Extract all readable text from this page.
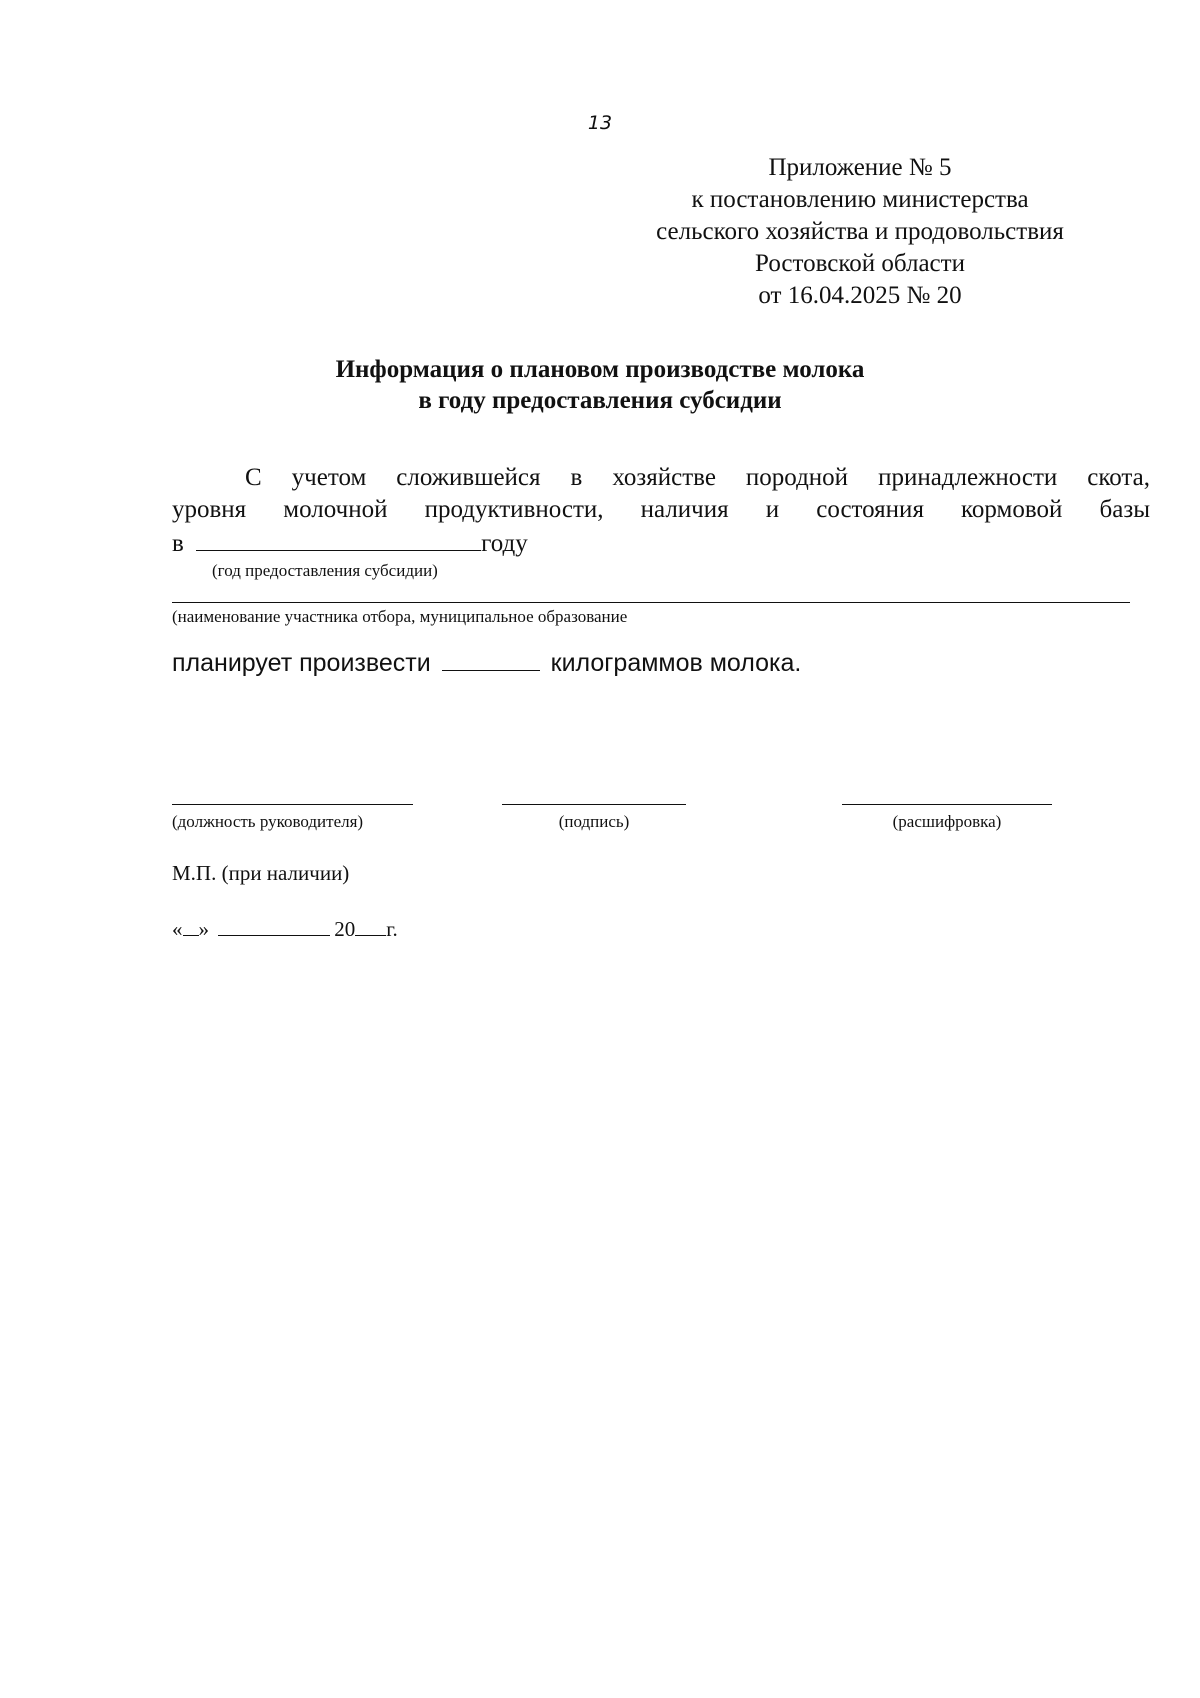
13
Приложение № 5
к постановлению министерства
сельского хозяйства и продовольствия
Ростовской области
от 16.04.2025 № 20
Информация о плановом производстве молока
в году предоставления субсидии
С учетом сложившейся в хозяйстве породной принадлежности скота,
уровня молочной продуктивности, наличия и состояния кормовой базы
в	году
(год предоставления субсидии)
(наименование участника отбора, муниципальное образование
планирует произвести	килограммов молока.
(должность руководителя)	(подпись)	(расшифровка)
М.П. (при наличии)
« »	20 г.
